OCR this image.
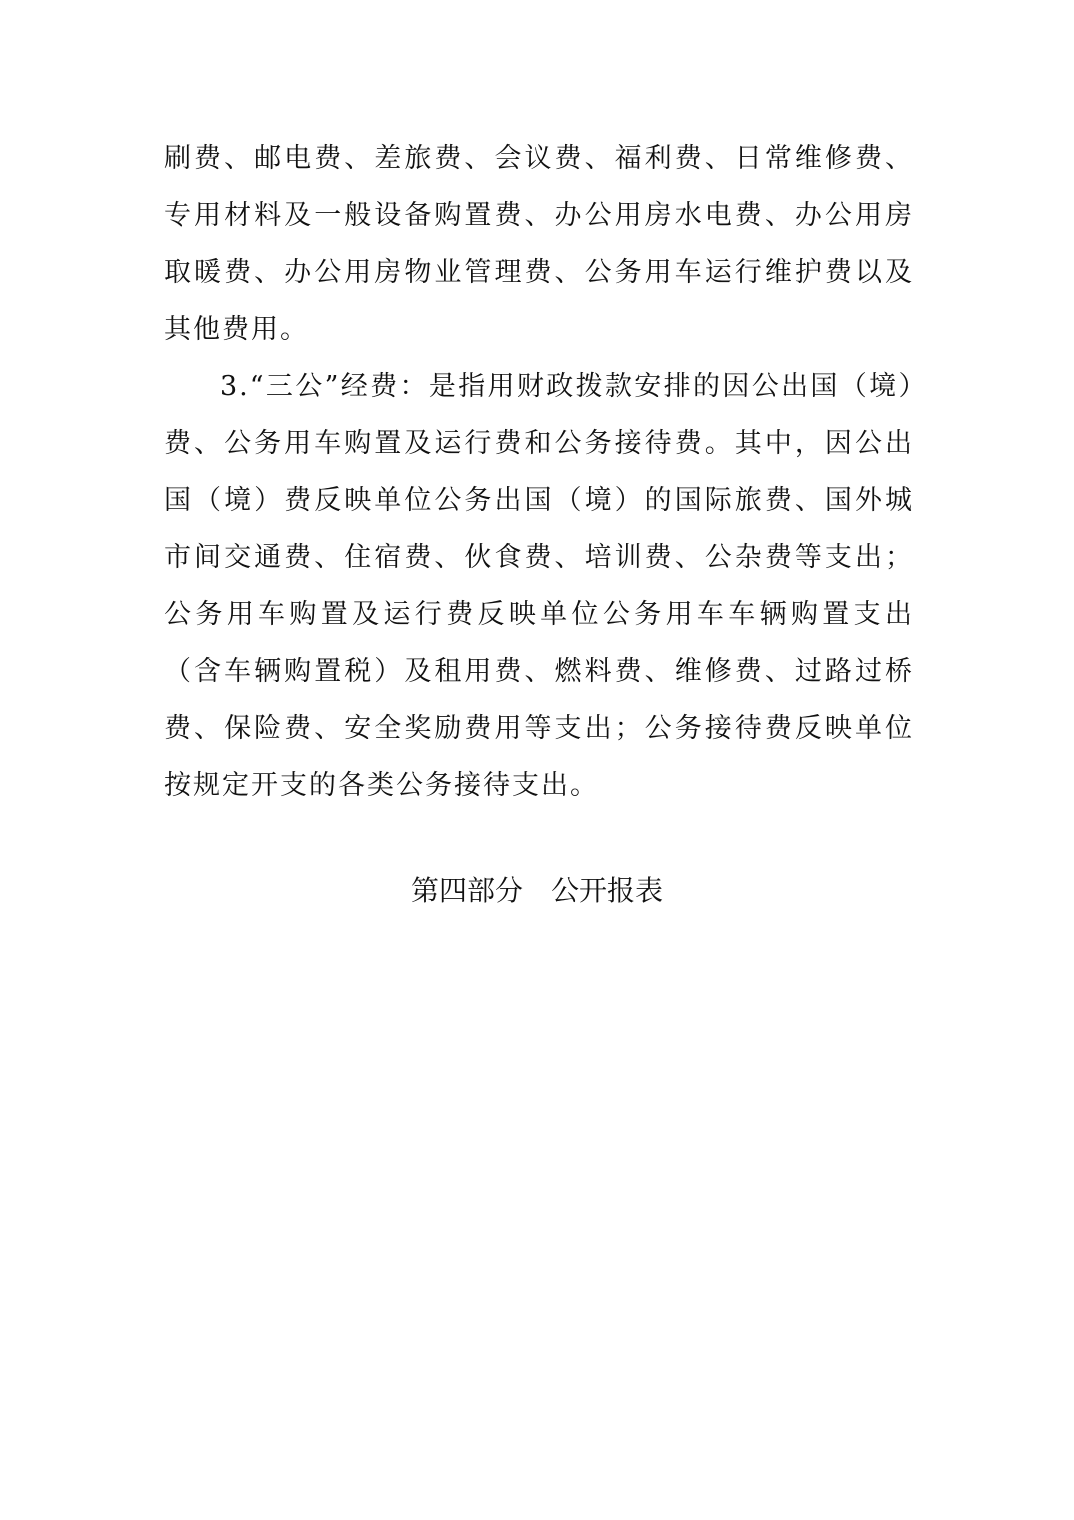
刷费、邮电费、差旅费、会议费、福利费、日常维修费、专用材料及一般设备购置费、办公用房水电费、办公用房取暖费、办公用房物业管理费、公务用车运行维护费以及其他费用。

3.“三公”经费：是指用财政拨款安排的因公出国（境）费、公务用车购置及运行费和公务接待费。其中，因公出国（境）费反映单位公务出国（境）的国际旅费、国外城市间交通费、住宿费、伙食费、培训费、公杂费等支出；公务用车购置及运行费反映单位公务用车车辆购置支出（含车辆购置税）及租用费、燃料费、维修费、过路过桥费、保险费、安全奖励费用等支出；公务接待费反映单位按规定开支的各类公务接待支出。

第四部分　公开报表
